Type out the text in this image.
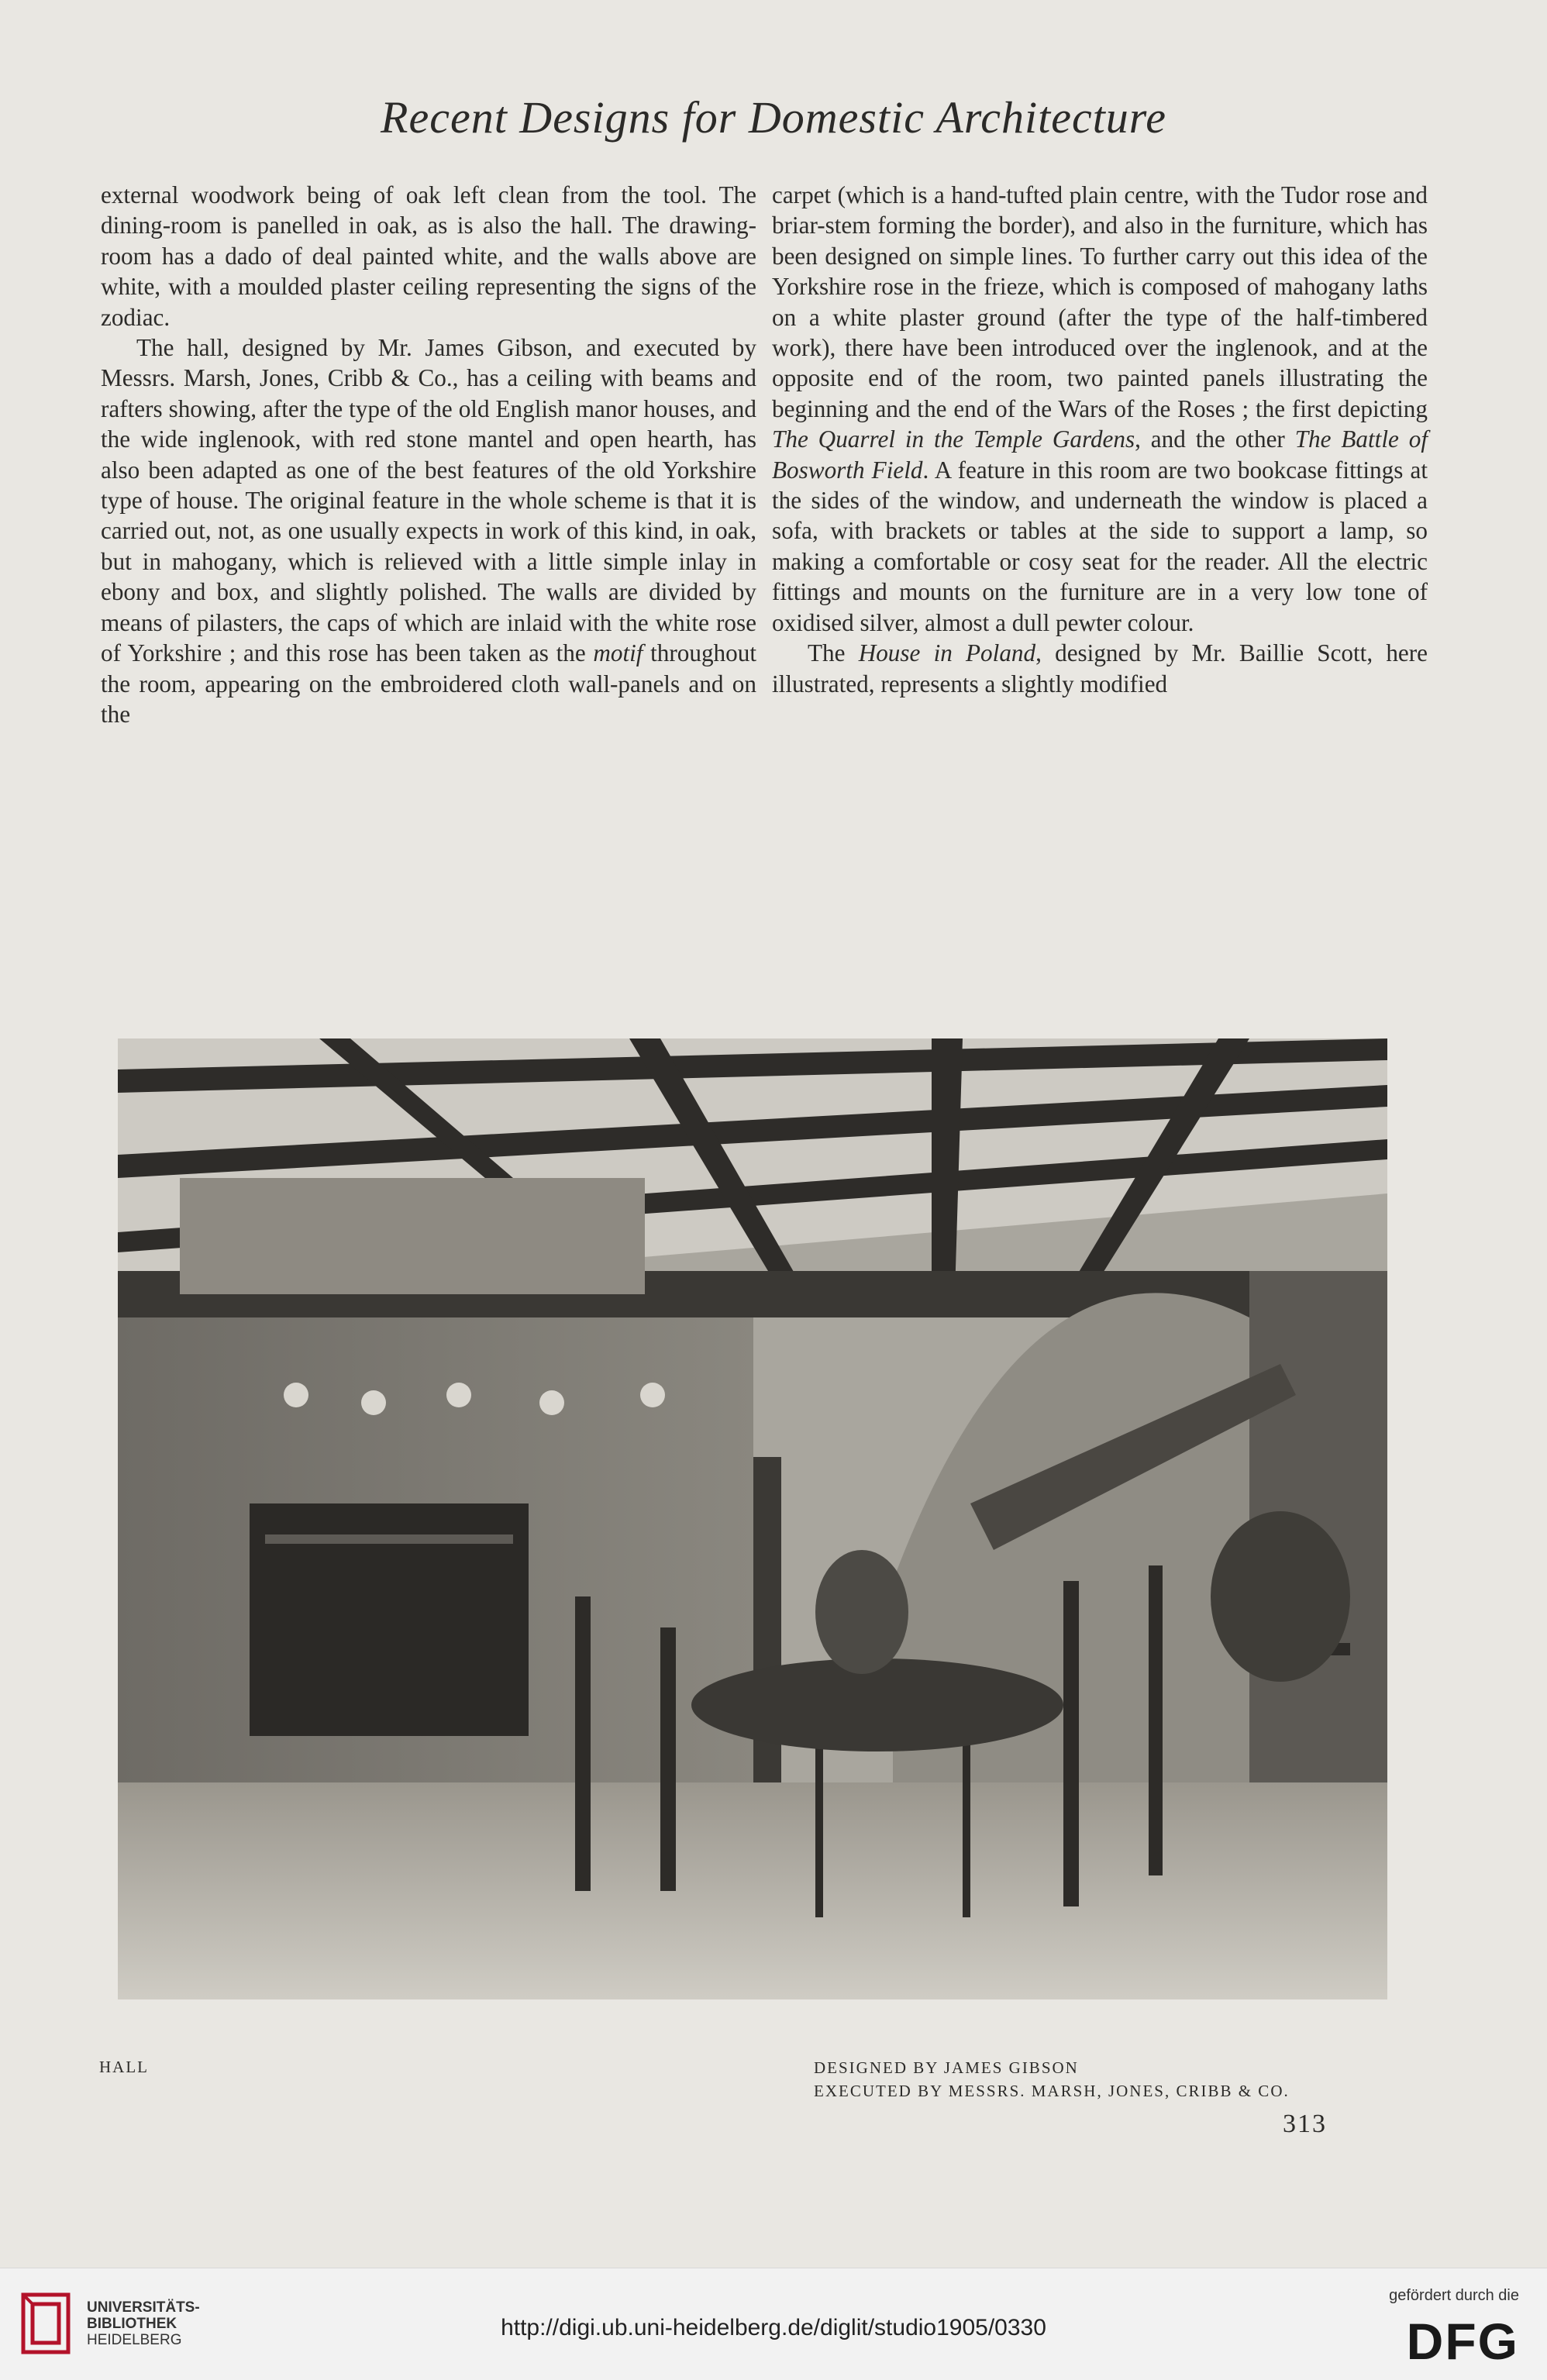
Recent Designs for Domestic Architecture

external woodwork being of oak left clean from the tool. The dining-room is panelled in oak, as is also the hall. The drawing-room has a dado of deal painted white, and the walls above are white, with a moulded plaster ceiling representing the signs of the zodiac.

The hall, designed by Mr. James Gibson, and executed by Messrs. Marsh, Jones, Cribb & Co., has a ceiling with beams and rafters showing, after the type of the old English manor houses, and the wide inglenook, with red stone mantel and open hearth, has also been adapted as one of the best features of the old Yorkshire type of house. The original feature in the whole scheme is that it is carried out, not, as one usually expects in work of this kind, in oak, but in mahogany, which is relieved with a little simple inlay in ebony and box, and slightly polished. The walls are divided by means of pilasters, the caps of which are inlaid with the white rose of Yorkshire ; and this rose has been taken as the motif throughout the room, appearing on the embroidered cloth wall-panels and on the

carpet (which is a hand-tufted plain centre, with the Tudor rose and briar-stem forming the border), and also in the furniture, which has been designed on simple lines. To further carry out this idea of the Yorkshire rose in the frieze, which is composed of mahogany laths on a white plaster ground (after the type of the half-timbered work), there have been introduced over the inglenook, and at the opposite end of the room, two painted panels illustrating the beginning and the end of the Wars of the Roses ; the first depicting The Quarrel in the Temple Gardens, and the other The Battle of Bosworth Field. A feature in this room are two bookcase fittings at the sides of the window, and underneath the window is placed a sofa, with brackets or tables at the side to support a lamp, so making a comfortable or cosy seat for the reader. All the electric fittings and mounts on the furniture are in a very low tone of oxidised silver, almost a dull pewter colour.

The House in Poland, designed by Mr. Baillie Scott, here illustrated, represents a slightly modified

HALL	DESIGNED BY JAMES GIBSON
EXECUTED BY MESSRS. MARSH, JONES, CRIBB & CO.
313
UNIVERSITÄTS-
BIBLIOTHEK
HEIDELBERG	http://digi.ub.uni-heidelberg.de/diglit/studio1905/0330
gefördert durch die
DFG
